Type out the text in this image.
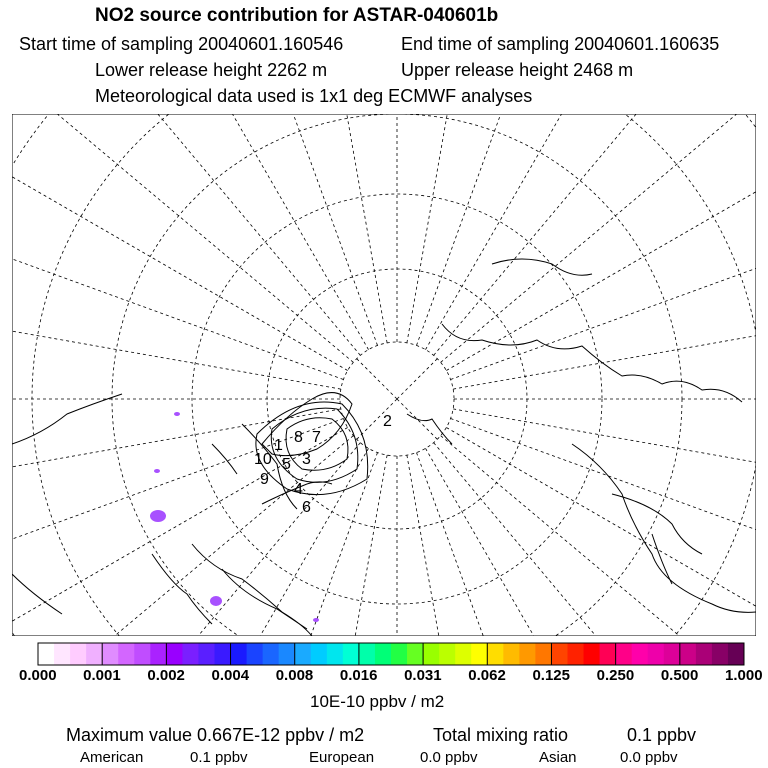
NO2 source contribution for ASTAR-040601b
Start time of sampling 20040601.160546	End time of sampling 20040601.160635
Lower release height 2262 m	Upper release height 2468 m
Meteorological data used is 1x1 deg ECMWF analyses
2
7
8
1
10
9
3
4
6
5
0.000 0.001 0.002 0.004 0.008 0.016 0.031 0.062 0.125 0.250 0.500 1.000
10E-10 ppbv / m2
Maximum value 0.667E-12 ppbv / m2	Total mixing ratio	0.1 ppbv
American	0.1 ppbv	European	0.0 ppbv	Asian	0.0 ppbv
